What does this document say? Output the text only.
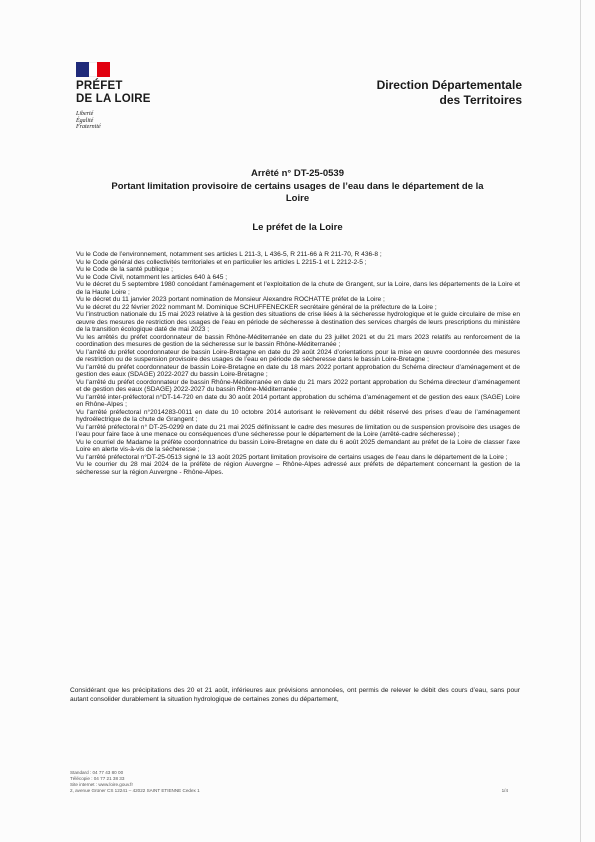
PRÉFET
DE LA LOIRE
Liberté
Égalité
Fraternité
Direction Départementale
des Territoires
Arrêté n° DT-25-0539
Portant limitation provisoire de certains usages de l’eau dans le département de la
Loire
Le préfet de la Loire

Vu le Code de l’environnement, notamment ses articles L 211-3, L 436-5, R 211-66 à R 211-70, R 436-8 ;

Vu le Code général des collectivités territoriales et en particulier les articles L 2215-1 et L 2212-2-5 ;

Vu le Code de la santé publique ;

Vu le Code Civil, notamment les articles 640 à 645 ;

Vu le décret du 5 septembre 1980 concédant l’aménagement et l’exploitation de la chute de Grangent, sur la Loire, dans les départements de la Loire et de la Haute Loire ;

Vu le décret du 11 janvier 2023 portant nomination de Monsieur Alexandre ROCHATTE préfet de la Loire ;

Vu le décret du 22 février 2022 nommant M. Dominique SCHUFFENECKER secrétaire général de la préfecture de la Loire ;

Vu l’instruction nationale du 15 mai 2023 relative à la gestion des situations de crise liées à la sécheresse hydrologique et le guide circulaire de mise en œuvre des mesures de restriction des usages de l’eau en période de sécheresse à destination des services chargés de leurs prescriptions du ministère de la transition écologique daté de mai 2023 ;

Vu les arrêtés du préfet coordonnateur de bassin Rhône-Méditerranée en date du 23 juillet 2021 et du 21 mars 2023 relatifs au renforcement de la coordination des mesures de gestion de la sécheresse sur le bassin Rhône-Méditerranée ;

Vu l’arrêté du préfet coordonnateur de bassin Loire-Bretagne en date du 29 août 2024 d’orientations pour la mise en œuvre coordonnée des mesures de restriction ou de suspension provisoire des usages de l’eau en période de sécheresse dans le bassin Loire-Bretagne ;

Vu l’arrêté du préfet coordonnateur de bassin Loire-Bretagne en date du 18 mars 2022 portant approbation du Schéma directeur d’aménagement et de gestion des eaux (SDAGE) 2022-2027 du bassin Loire-Bretagne ;

Vu l’arrêté du préfet coordonnateur de bassin Rhône-Méditerranée en date du 21 mars 2022 portant approbation du Schéma directeur d’aménagement et de gestion des eaux (SDAGE) 2022-2027 du bassin Rhône-Méditerranée ;

Vu l’arrêté inter-préfectoral n°DT-14-720 en date du 30 août 2014 portant approbation du schéma d’aménagement et de gestion des eaux (SAGE) Loire en Rhône-Alpes ;

Vu l’arrêté préfectoral n°2014283-0011 en date du 10 octobre 2014 autorisant le relèvement du débit réservé des prises d’eau de l’aménagement hydroélectrique de la chute de Grangent ;

Vu l’arrêté préfectoral n° DT-25-0299 en date du 21 mai 2025 définissant le cadre des mesures de limitation ou de suspension provisoire des usages de l’eau pour faire face à une menace ou conséquences d’une sécheresse pour le département de la Loire (arrêté-cadre sécheresse) ;

Vu le courriel de Madame la préfète coordonnatrice du bassin Loire-Bretagne en date du 6 août 2025 demandant au préfet de la Loire de classer l’axe Loire en alerte vis-à-vis de la sécheresse ;

Vu l’arrêté préfectoral n°DT-25-0513 signé le 13 août 2025 portant limitation provisoire de certains usages de l’eau dans le département de la Loire ;

Vu le courrier du 28 mai 2024 de la préfète de région Auvergne – Rhône-Alpes adressé aux préfets de département concernant la gestion de la sécheresse sur la région Auvergne - Rhône-Alpes.

Considérant que les précipitations des 20 et 21 août, inférieures aux prévisions annoncées, ont permis de relever le débit des cours d’eau, sans pour autant consolider durablement la situation hydrologique de certaines zones du département,

Standard : 04 77 43 80 00
Télécopie : 04 77 21 38 33
Site internet : www.loire.gouv.fr
2, avenue Grüner CS 12241 – 42022 SAINT ETIENNE Cedex 1	1/4
